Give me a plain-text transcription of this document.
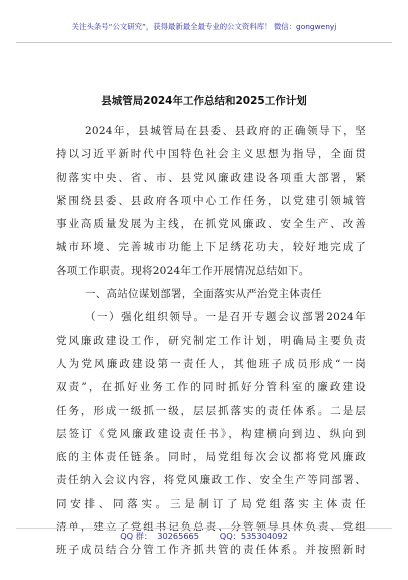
关注头条号“公文研究”，获得最新最全最专业的公文资料库！ 微信：gongwenyj
县城管局2024年工作总结和2025工作计划
2024年，县城管局在县委、县政府的正确领导下，坚
持以习近平新时代中国特色社会主义思想为指导，全面贯
彻落实中央、省、市、县党风廉政建设各项重大部署，紧
紧围绕县委、县政府各项中心工作任务，以党建引领城管
事业高质量发展为主线，在抓党风廉政、安全生产、改善
城市环境、完善城市功能上下足绣花功夫，较好地完成了
各项工作职责。现将2024年工作开展情况总结如下。
一、高站位谋划部署，全面落实从严治党主体责任
（一）强化组织领导。一是召开专题会议部署2024年
党风廉政建设工作，研究制定工作计划，明确局主要负责
人为党风廉政建设第一责任人，其他班子成员形成“一岗
双责”，在抓好业务工作的同时抓好分管科室的廉政建设
任务，形成一级抓一级，层层抓落实的责任体系。二是层
层签订《党风廉政建设责任书》，构建横向到边、纵向到
底的主体责任链条。同时，局党组每次会议都将党风廉政
责任纳入会议内容，将党风廉政工作、安全生产等同部署、
同安排、同落实。三是制订了局党组落实主体责任
清单，建立了党组书记负总责、分管领导具体负责、党组
班子成员结合分管工作齐抓共管的责任体系。并按照新时
QQ 群：  30265665	QQ：535304092
